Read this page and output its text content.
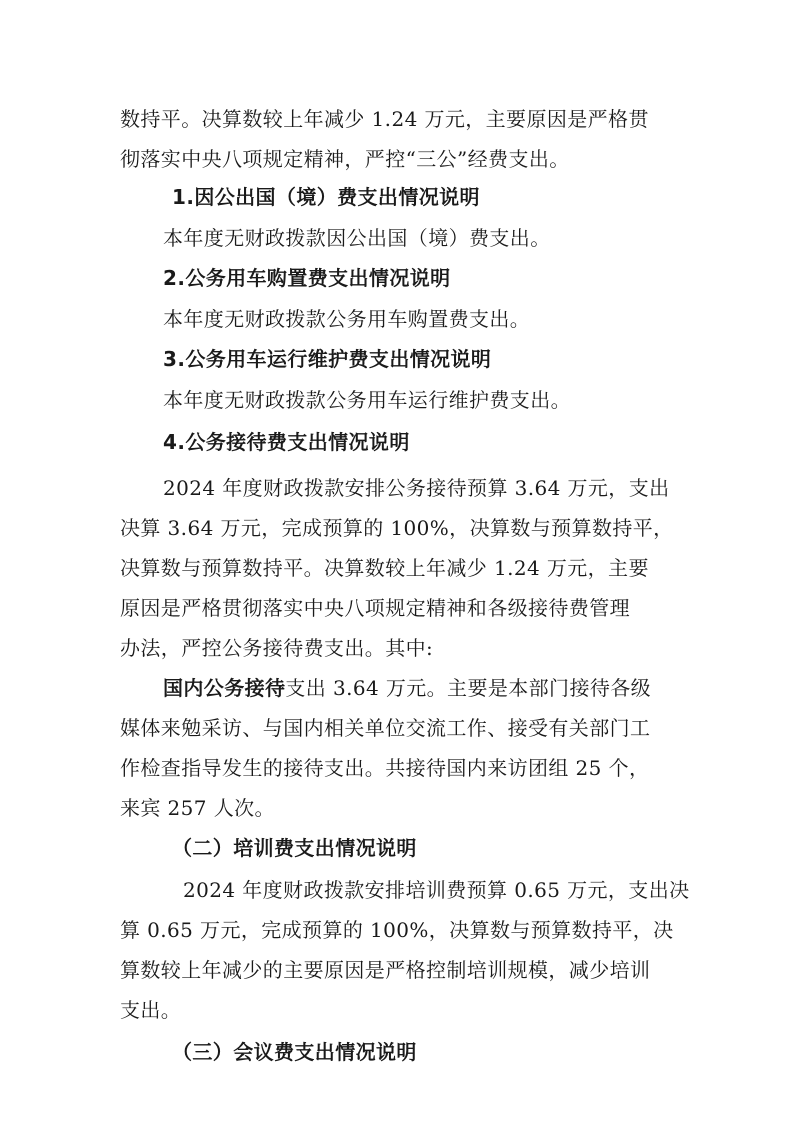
数持平。决算数较上年减少 1.24 万元，主要原因是严格贯
彻落实中央八项规定精神，严控“三公”经费支出。
1.因公出国（境）费支出情况说明
本年度无财政拨款因公出国（境）费支出。
2.公务用车购置费支出情况说明
本年度无财政拨款公务用车购置费支出。
3.公务用车运行维护费支出情况说明
本年度无财政拨款公务用车运行维护费支出。
4.公务接待费支出情况说明
2024 年度财政拨款安排公务接待预算 3.64 万元，支出
决算 3.64 万元，完成预算的 100%，决算数与预算数持平，
决算数与预算数持平。决算数较上年减少 1.24 万元，主要
原因是严格贯彻落实中央八项规定精神和各级接待费管理
办法，严控公务接待费支出。其中:
国内公务接待支出 3.64 万元。主要是本部门接待各级
媒体来勉采访、与国内相关单位交流工作、接受有关部门工
作检查指导发生的接待支出。共接待国内来访团组 25 个，
来宾 257 人次。
（二）培训费支出情况说明
2024 年度财政拨款安排培训费预算 0.65 万元，支出决
算 0.65 万元，完成预算的 100%，决算数与预算数持平，决
算数较上年减少的主要原因是严格控制培训规模，减少培训
支出。
（三）会议费支出情况说明
